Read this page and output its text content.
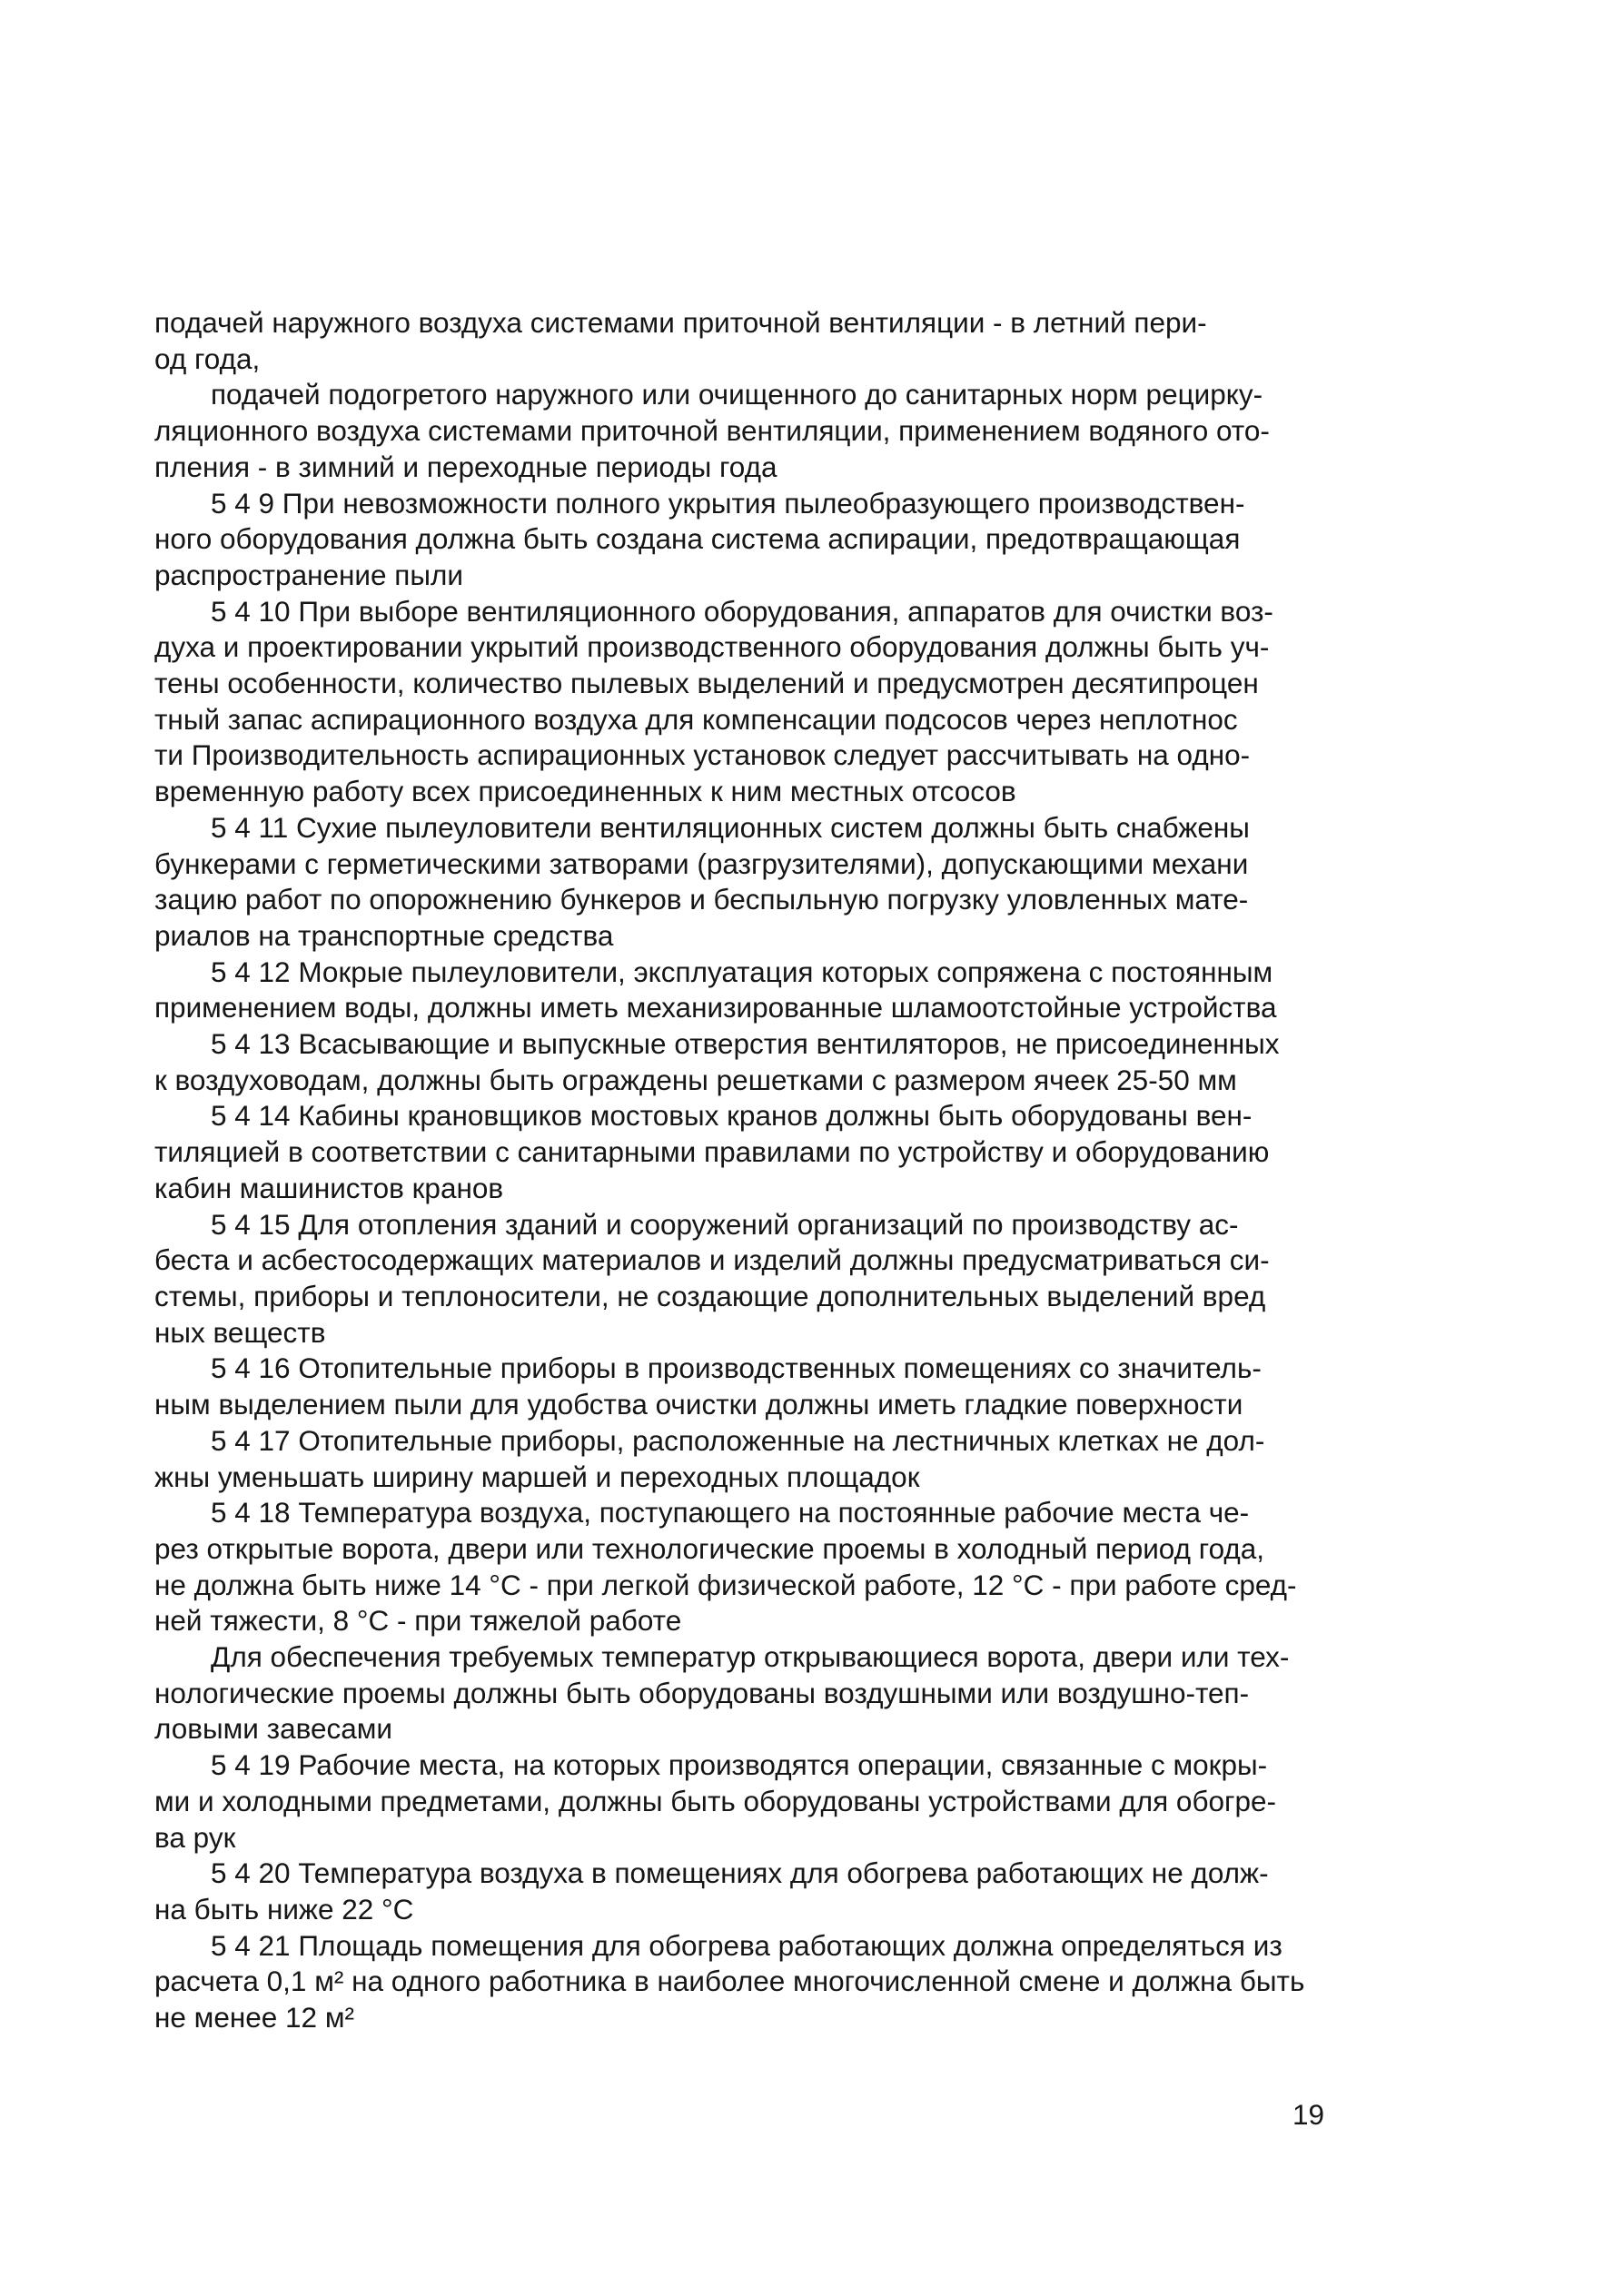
подачей наружного воздуха системами приточной вентиляции - в летний пери-
од года,
подачей подогретого наружного или очищенного до санитарных норм рецирку-
ляционного воздуха системами приточной вентиляции, применением водяного ото-
пления - в зимний и переходные периоды года
5 4 9 При невозможности полного укрытия пылеобразующего производствен-
ного оборудования должна быть создана система аспирации, предотвращающая
распространение пыли
5 4 10 При выборе вентиляционного оборудования, аппаратов для очистки воз-
духа и проектировании укрытий производственного оборудования должны быть уч-
тены особенности, количество пылевых выделений и предусмотрен десятипроцен
тный запас аспирационного воздуха для компенсации подсосов через неплотнос
ти Производительность аспирационных установок следует рассчитывать на одно-
временную работу всех присоединенных к ним местных отсосов
5 4 11 Сухие пылеуловители вентиляционных систем должны быть снабжены
бункерами с герметическими затворами (разгрузителями), допускающими механи
зацию работ по опорожнению бункеров и беспыльную погрузку уловленных мате-
риалов на транспортные средства
5 4 12 Мокрые пылеуловители, эксплуатация которых сопряжена с постоянным
применением воды, должны иметь механизированные шламоотстойные устройства
5 4 13 Всасывающие и выпускные отверстия вентиляторов, не присоединенных
к воздуховодам, должны быть ограждены решетками с размером ячеек 25-50 мм
5 4 14 Кабины крановщиков мостовых кранов должны быть оборудованы вен-
тиляцией в соответствии с санитарными правилами по устройству и оборудованию
кабин машинистов кранов
5 4 15 Для отопления зданий и сооружений организаций по производству ас-
беста и асбестосодержащих материалов и изделий должны предусматриваться си-
стемы, приборы и теплоносители, не создающие дополнительных выделений вред
ных веществ
5 4 16 Отопительные приборы в производственных помещениях со значитель-
ным выделением пыли для удобства очистки должны иметь гладкие поверхности
5 4 17 Отопительные приборы, расположенные на лестничных клетках не дол-
жны уменьшать ширину маршей и переходных площадок
5 4 18 Температура воздуха, поступающего на постоянные рабочие места че-
рез открытые ворота, двери или технологические проемы в холодный период года,
не должна быть ниже 14 °С - при легкой физической работе, 12 °С - при работе сред-
ней тяжести, 8 °С - при тяжелой работе
Для обеспечения требуемых температур открывающиеся ворота, двери или тех-
нологические проемы должны быть оборудованы воздушными или воздушно-теп-
ловыми завесами
5 4 19 Рабочие места, на которых производятся операции, связанные с мокры-
ми и холодными предметами, должны быть оборудованы устройствами для обогре-
ва рук
5 4 20 Температура воздуха в помещениях для обогрева работающих не долж-
на быть ниже 22 °С
5 4 21 Площадь помещения для обогрева работающих должна определяться из
расчета 0,1 м² на одного работника в наиболее многочисленной смене и должна быть
не менее 12 м²
19
